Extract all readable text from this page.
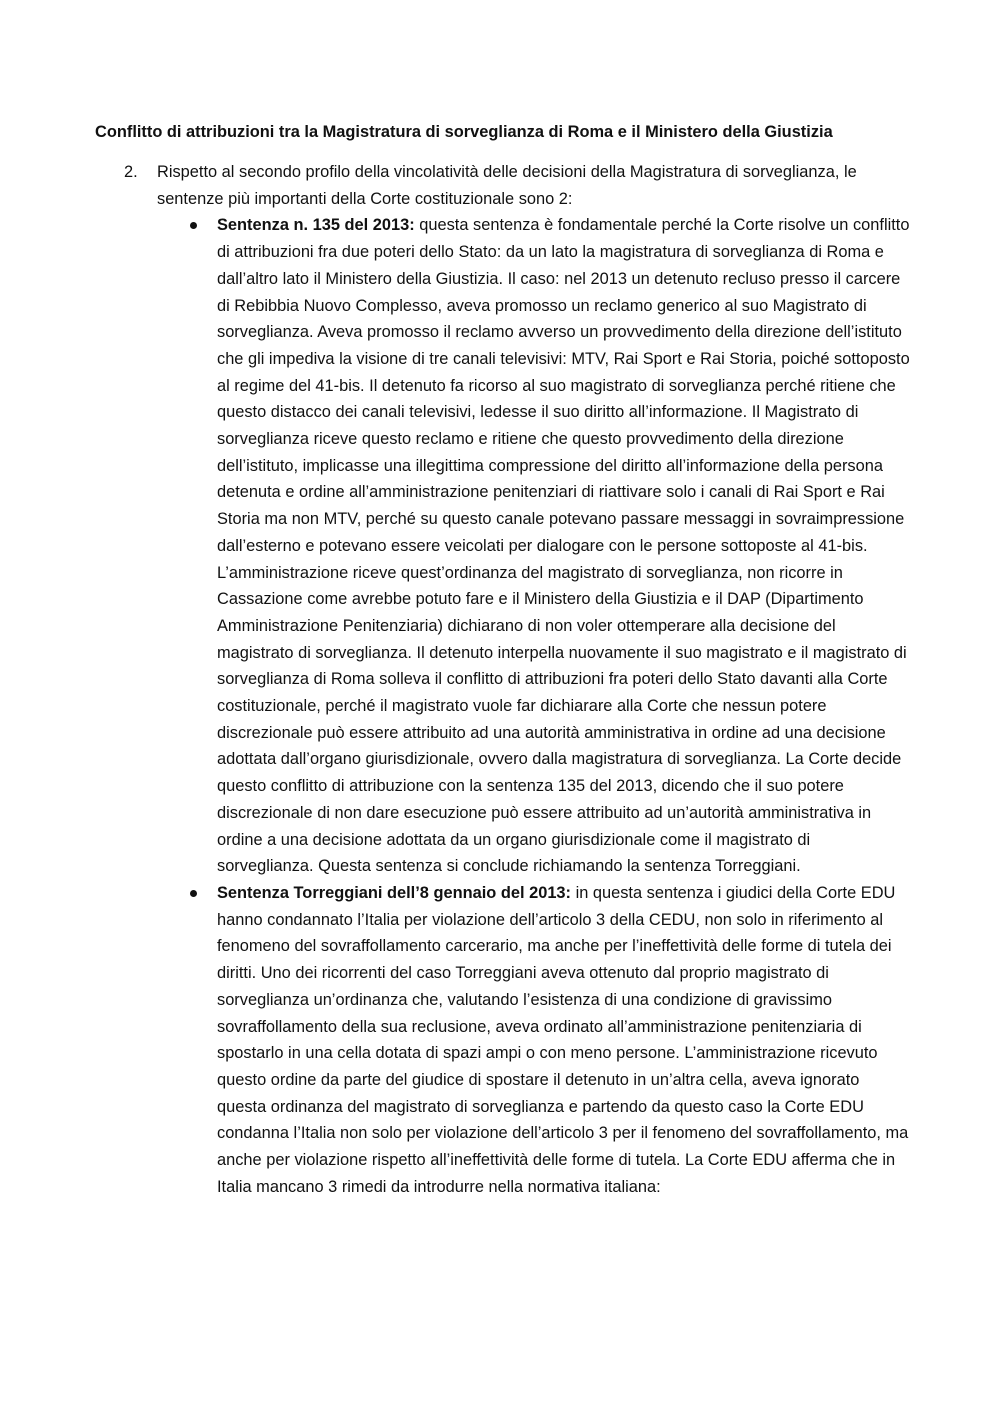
Conflitto di attribuzioni tra la Magistratura di sorveglianza di Roma e il Ministero della Giustizia
2.	Rispetto al secondo profilo della vincolatività delle decisioni della Magistratura di sorveglianza, le sentenze più importanti della Corte costituzionale sono 2:
Sentenza n. 135 del 2013: questa sentenza è fondamentale perché la Corte risolve un conflitto di attribuzioni fra due poteri dello Stato: da un lato la magistratura di sorveglianza di Roma e dall’altro lato il Ministero della Giustizia. Il caso: nel 2013 un detenuto recluso presso il carcere di Rebibbia Nuovo Complesso, aveva promosso un reclamo generico al suo Magistrato di sorveglianza. Aveva promosso il reclamo avverso un provvedimento della direzione dell’istituto che gli impediva la visione di tre canali televisivi: MTV, Rai Sport e Rai Storia, poiché sottoposto al regime del 41-bis. Il detenuto fa ricorso al suo magistrato di sorveglianza perché ritiene che questo distacco dei canali televisivi, ledesse il suo diritto all’informazione. Il Magistrato di sorveglianza riceve questo reclamo e ritiene che questo provvedimento della direzione dell’istituto, implicasse una illegittima compressione del diritto all’informazione della persona detenuta e ordine all’amministrazione penitenziari di riattivare solo i canali di Rai Sport e Rai Storia ma non MTV, perché su questo canale potevano passare messaggi in sovraimpressione dall’esterno e potevano essere veicolati per dialogare con le persone sottoposte al 41-bis. L’amministrazione riceve quest’ordinanza del magistrato di sorveglianza, non ricorre in Cassazione come avrebbe potuto fare e il Ministero della Giustizia e il DAP (Dipartimento Amministrazione Penitenziaria) dichiarano di non voler ottemperare alla decisione del magistrato di sorveglianza. Il detenuto interpella nuovamente il suo magistrato e il magistrato di sorveglianza di Roma solleva il conflitto di attribuzioni fra poteri dello Stato davanti alla Corte costituzionale, perché il magistrato vuole far dichiarare alla Corte che nessun potere discrezionale può essere attribuito ad una autorità amministrativa in ordine ad una decisione adottata dall’organo giurisdizionale, ovvero dalla magistratura di sorveglianza. La Corte decide questo conflitto di attribuzione con la sentenza 135 del 2013, dicendo che il suo potere discrezionale di non dare esecuzione può essere attribuito ad un’autorità amministrativa in ordine a una decisione adottata da un organo giurisdizionale come il magistrato di sorveglianza. Questa sentenza si conclude richiamando la sentenza Torreggiani.
Sentenza Torreggiani dell’8 gennaio del 2013: in questa sentenza i giudici della Corte EDU hanno condannato l’Italia per violazione dell’articolo 3 della CEDU, non solo in riferimento al fenomeno del sovraffollamento carcerario, ma anche per l’ineffettività delle forme di tutela dei diritti. Uno dei ricorrenti del caso Torreggiani aveva ottenuto dal proprio magistrato di sorveglianza un’ordinanza che, valutando l’esistenza di una condizione di gravissimo sovraffollamento della sua reclusione, aveva ordinato all’amministrazione penitenziaria di spostarlo in una cella dotata di spazi ampi o con meno persone. L’amministrazione ricevuto questo ordine da parte del giudice di spostare il detenuto in un’altra cella, aveva ignorato questa ordinanza del magistrato di sorveglianza e partendo da questo caso la Corte EDU condanna l’Italia non solo per violazione dell’articolo 3 per il fenomeno del sovraffollamento, ma anche per violazione rispetto all’ineffettività delle forme di tutela. La Corte EDU afferma che in Italia mancano 3 rimedi da introdurre nella normativa italiana:
